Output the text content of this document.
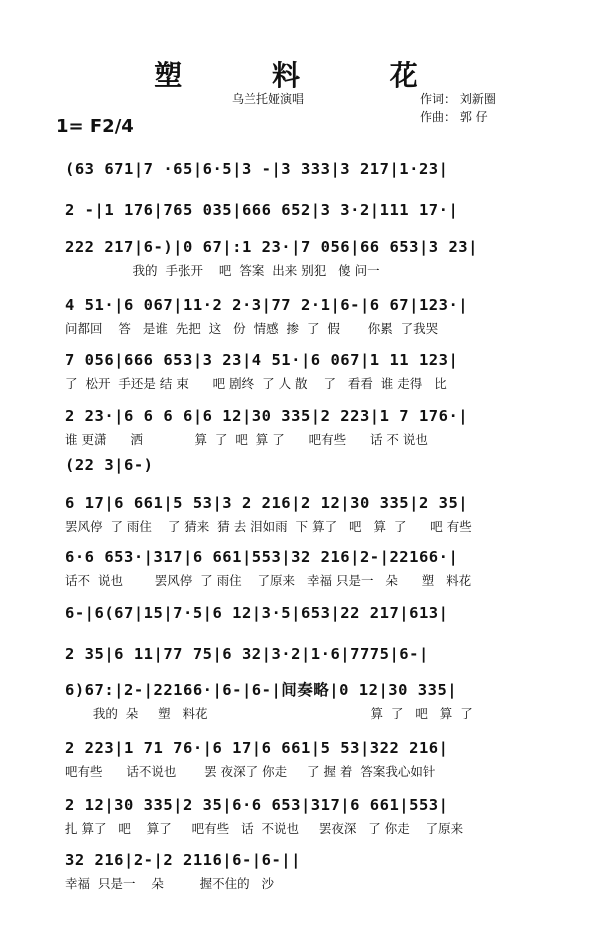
塑 料 花
乌兰托娅演唱	作词： 刘新圈
作曲： 郭 仔
1= F2/4
(63 671|7 ·65|6·5|3 -|3 333|3 217|1·23|
2 -|1 176|765 035|666 652|3 3·2|111 17·|
222 217|6-)|0 67|:1 23·|7 056|66 653|3 23|
我的  手张开    吧  答案  出来 别犯   傻 问一
4 51·|6 067|11·2 2·3|77 2·1|6-|6 67|123·|
问都回    答   是谁  先把  这   份  情感  掺  了  假       你累  了我哭
7 056|666 653|3 23|4 51·|6 067|1 11 123|
了  松开  手还是 结 束      吧 剧终  了 人 散    了   看看  谁 走得   比
2 23·|6 6 6 6|6 12|30 335|2 223|1 7 176·|
谁 更潇      洒             算  了  吧  算 了      吧有些      话 不 说也
(22 3|6-)
6 17|6 661|5 53|3 2 216|2 12|30 335|2 35|
罢风停  了 雨住    了 猜来  猜 去 泪如雨  下 算了   吧   算  了      吧 有些
6·6 653·|317|6 661|553|32 216|2-|22166·|
话不  说也        罢风停  了 雨住    了原来   幸福 只是一   朵      塑   料花
6-|6(67|15|7·5|6 12|3·5|653|22 217|613|
2 35|6 11|77 75|6 32|3·2|1·6|7775|6-|
6)67:|2-|22166·|6-|6-|间奏略|0 12|30 335|
我的  朵     塑   料花                                         算  了   吧   算  了
2 223|1 71 76·|6 17|6 661|5 53|322 216|
吧有些      话不说也       罢 夜深了 你走     了 握 着  答案我心如针
2 12|30 335|2 35|6·6 653|317|6 661|553|
扎 算了   吧    算了     吧有些   话  不说也     罢夜深   了 你走    了原来
32 216|2-|2 2116|6-|6-||
幸福  只是一    朵         握不住的   沙
